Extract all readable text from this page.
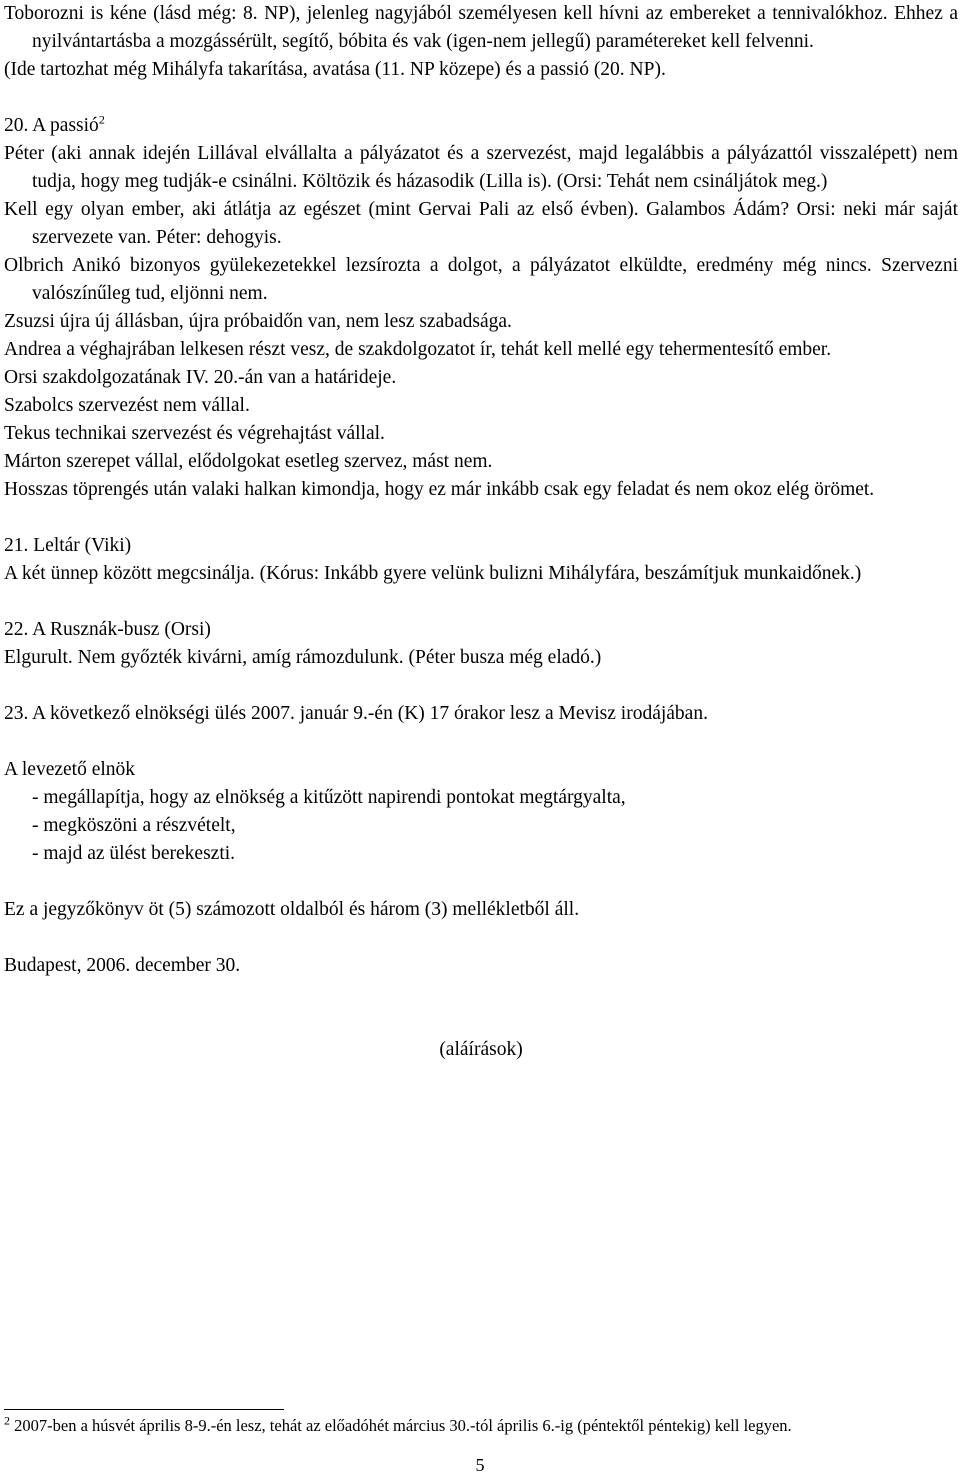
Toborozni is kéne (lásd még: 8. NP), jelenleg nagyjából személyesen kell hívni az embereket a tennivalókhoz. Ehhez a nyilvántartásba a mozgássérült, segítő, bóbita és vak (igen-nem jellegű) paramétereket kell felvenni.

(Ide tartozhat még Mihályfa takarítása, avatása (11. NP közepe) és a passió (20. NP).

20. A passió$^2$

Péter (aki annak idején Lillával elvállalta a pályázatot és a szervezést, majd legalábbis a pályázattól visszalépett) nem tudja, hogy meg tudják-e csinálni. Költözik és házasodik (Lilla is). (Orsi: Tehát nem csináljátok meg.)

Kell egy olyan ember, aki átlátja az egészet (mint Gervai Pali az első évben). Galambos Ádám? Orsi: neki már saját szervezete van. Péter: dehogyis.

Olbrich Anikó bizonyos gyülekezetekkel lezsírozta a dolgot, a pályázatot elküldte, eredmény még nincs. Szervezni valószínűleg tud, eljönni nem.

Zsuzsi újra új állásban, újra próbaidőn van, nem lesz szabadsága.

Andrea a véghajrában lelkesen részt vesz, de szakdolgozatot ír, tehát kell mellé egy tehermentesítő ember.

Orsi szakdolgozatának IV. 20.-án van a határideje.

Szabolcs szervezést nem vállal.

Tekus technikai szervezést és végrehajtást vállal.

Márton szerepet vállal, elődolgokat esetleg szervez, mást nem.

Hosszas töprengés után valaki halkan kimondja, hogy ez már inkább csak egy feladat és nem okoz elég örömet.

21. Leltár (Viki)

A két ünnep között megcsinálja. (Kórus: Inkább gyere velünk bulizni Mihályfára, beszámítjuk munkaidőnek.)

22. A Rusznák-busz (Orsi)

Elgurult. Nem győzték kivárni, amíg rámozdulunk. (Péter busza még eladó.)

23. A következő elnökségi ülés 2007. január 9.-én (K) 17 órakor lesz a Mevisz irodájában.

A levezető elnök

- megállapítja, hogy az elnökség a kitűzött napirendi pontokat megtárgyalta,
- megköszöni a részvételt,
- majd az ülést berekeszti.

Ez a jegyzőkönyv öt (5) számozott oldalból és három (3) mellékletből áll.

Budapest, 2006. december 30.

(aláírások)

$^2$ 2007-ben a húsvét április 8-9.-én lesz, tehát az előadóhét március 30.-tól április 6.-ig (péntektől péntekig) kell legyen.

5
